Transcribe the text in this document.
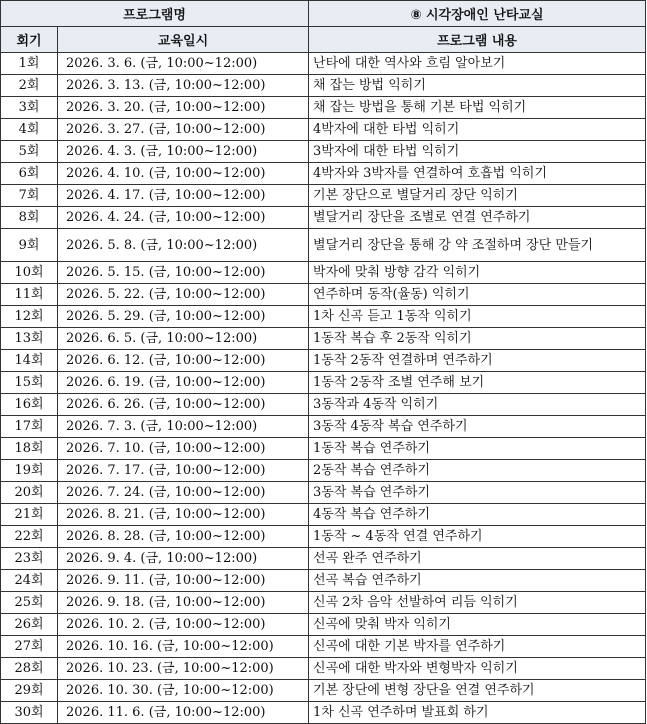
프로그램명		⑧ 시각장애인 난타교실
회기	교육일시	프로그램 내용
1회	2026. 3. 6. (금, 10:00~12:00)	난타에 대한 역사와 흐림 알아보기
2회	2026. 3. 13. (금, 10:00~12:00)	채 잡는 방법 익히기
3회	2026. 3. 20. (금, 10:00~12:00)	채 잡는 방법을 통해 기본 타법 익히기
4회	2026. 3. 27. (금, 10:00~12:00)	4박자에 대한 타법 익히기
5회	2026. 4. 3. (금, 10:00~12:00)	3박자에 대한 타법 익히기
6회	2026. 4. 10. (금, 10:00~12:00)	4박자와 3박자를 연결하여 호흡법 익히기
7회	2026. 4. 17. (금, 10:00~12:00)	기본 장단으로 별달거리 장단 익히기
8회	2026. 4. 24. (금, 10:00~12:00)	별달거리 장단을 조별로 연결 연주하기
9회	2026. 5. 8. (금, 10:00~12:00)	별달거리 장단을 통해 강 약 조절하며 장단 만들기
10회	2026. 5. 15. (금, 10:00~12:00)	박자에 맞춰 방향 감각 익히기
11회	2026. 5. 22. (금, 10:00~12:00)	연주하며 동작(율동) 익히기
12회	2026. 5. 29. (금, 10:00~12:00)	1차 신곡 듣고 1동작 익히기
13회	2026. 6. 5. (금, 10:00~12:00)	1동작 복습 후 2동작 익히기
14회	2026. 6. 12. (금, 10:00~12:00)	1동작 2동작 연결하며 연주하기
15회	2026. 6. 19. (금, 10:00~12:00)	1동작 2동작 조별 연주해 보기
16회	2026. 6. 26. (금, 10:00~12:00)	3동작과 4동작 익히기
17회	2026. 7. 3. (금, 10:00~12:00)	3동작 4동작 복습 연주하기
18회	2026. 7. 10. (금, 10:00~12:00)	1동작 복습 연주하기
19회	2026. 7. 17. (금, 10:00~12:00)	2동작 복습 연주하기
20회	2026. 7. 24. (금, 10:00~12:00)	3동작 복습 연주하기
21회	2026. 8. 21. (금, 10:00~12:00)	4동작 복습 연주하기
22회	2026. 8. 28. (금, 10:00~12:00)	1동작 ~ 4동작 연결 연주하기
23회	2026. 9. 4. (금, 10:00~12:00)	선곡 완주 연주하기
24회	2026. 9. 11. (금, 10:00~12:00)	선곡 복습 연주하기
25회	2026. 9. 18. (금, 10:00~12:00)	신곡 2차 음악 선발하여 리듬 익히기
26회	2026. 10. 2. (금, 10:00~12:00)	신곡에 맞춰 박자 익히기
27회	2026. 10. 16. (금, 10:00~12:00)	신곡에 대한 기본 박자를 연주하기
28회	2026. 10. 23. (금, 10:00~12:00)	신곡에 대한 박자와 변형박자 익히기
29회	2026. 10. 30. (금, 10:00~12:00)	기본 장단에 변형 장단을 연결 연주하기
30회	2026. 11. 6. (금, 10:00~12:00)	1차 신곡 연주하며 발표회 하기
